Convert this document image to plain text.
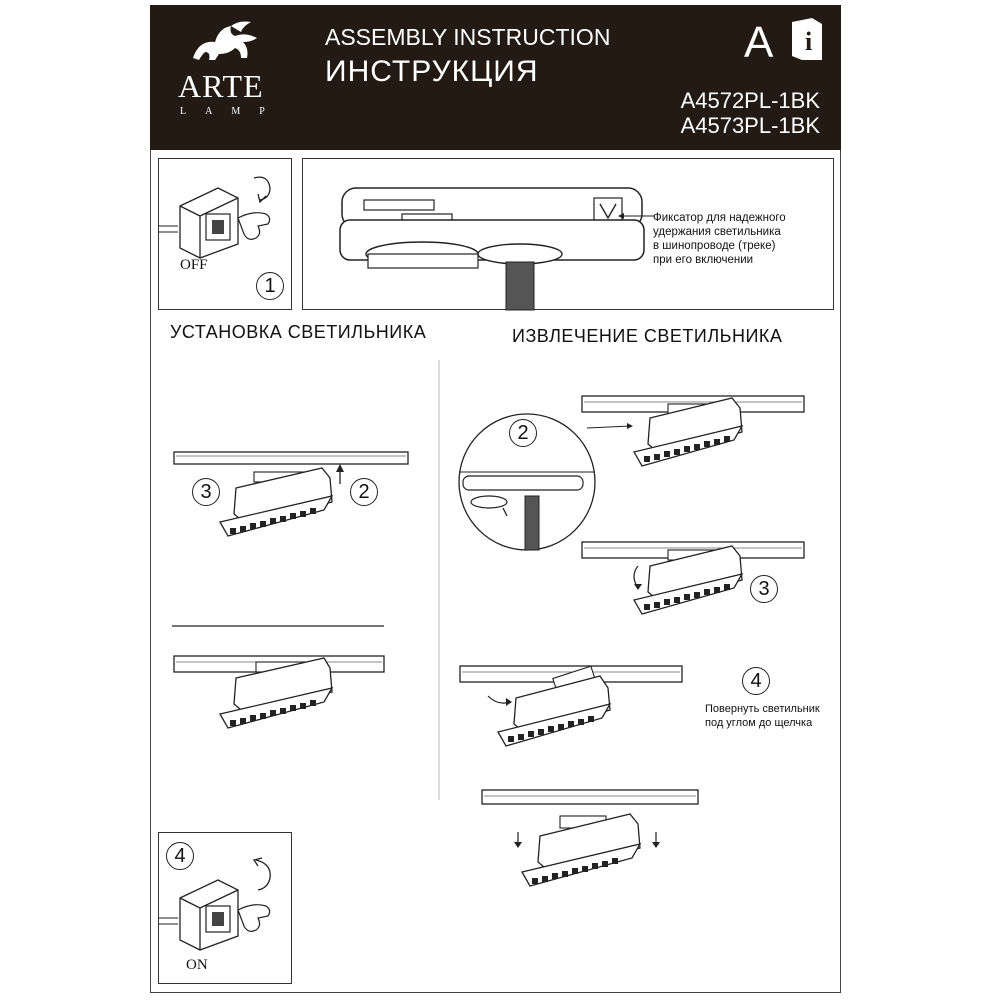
ARTE
LAMP
ASSEMBLY INSTRUCTION
ИНСТРУКЦИЯ
A i
A4572PL-1BK
A4573PL-1BK
OFF
1
Фиксатор для надежного
удержания светильника
в шинопроводе (треке)
при его включении
УСТАНОВКА СВЕТИЛЬНИКА	ИЗВЛЕЧЕНИЕ СВЕТИЛЬНИКА
3	2
4
ON
2
3
4
Повернуть светильник
под углом до щелчка
